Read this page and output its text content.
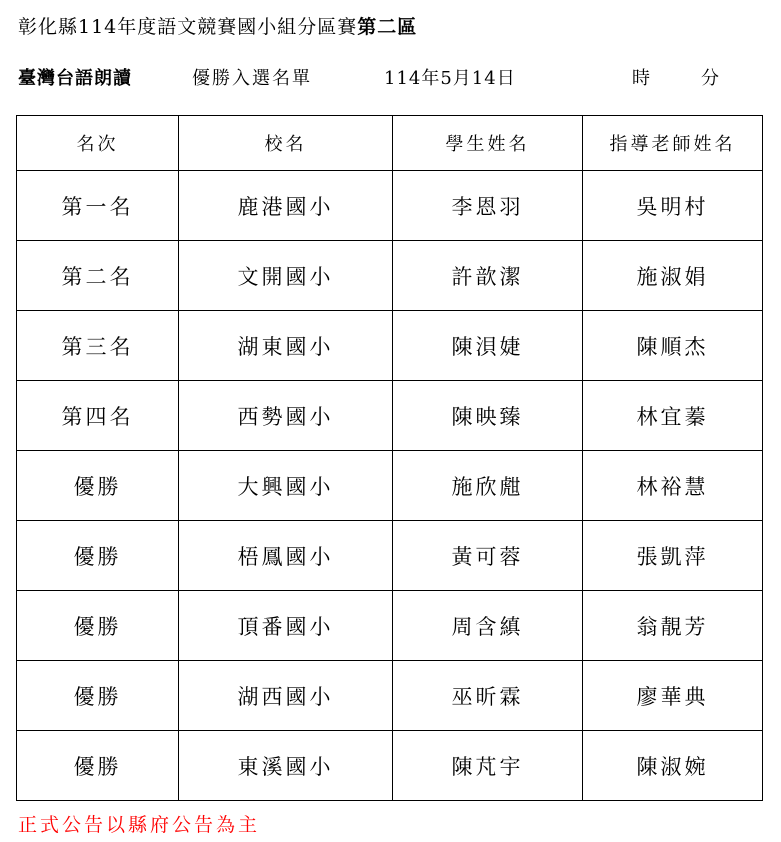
彰化縣114年度語文競賽國小組分區賽第二區
臺灣台語朗讀	優勝入選名單	114年5月14日	時	分
名次	校名	學生姓名	指導老師姓名
第一名	鹿港國小	李恩羽	吳明村
第二名	文開國小	許歆潔	施淑娟
第三名	湖東國小	陳浿婕	陳順杰
第四名	西勢國小	陳映臻	林宜蓁
優勝	大興國小	施欣甝	林裕慧
優勝	梧鳳國小	黃可蓉	張凱萍
優勝	頂番國小	周含縝	翁靚芳
優勝	湖西國小	巫昕霖	廖華典
優勝	東溪國小	陳芃宇	陳淑婉
正式公告以縣府公告為主
